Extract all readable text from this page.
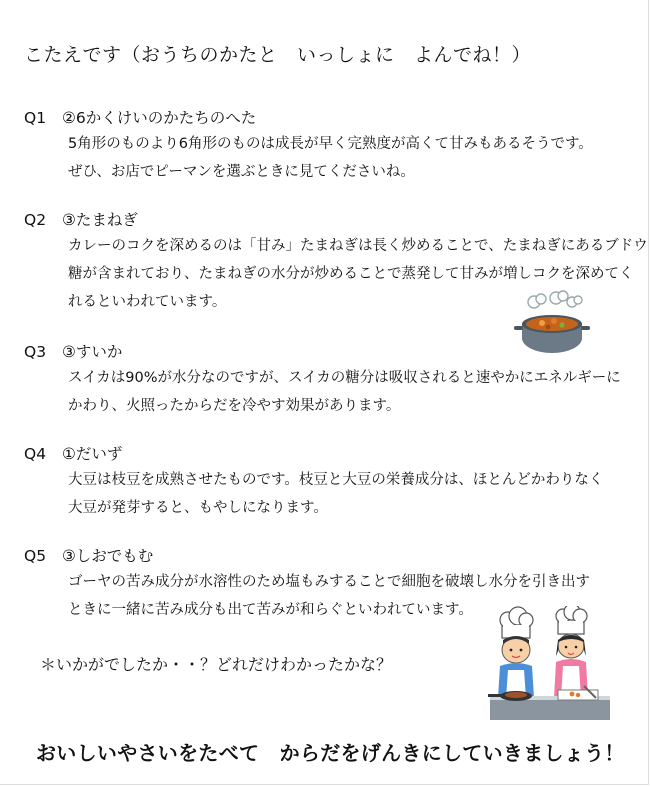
こたえです（おうちのかたと　いっしょに　よんでね！）
Q1 ②6かくけいのかたちのへた
5角形のものより6角形のものは成長が早く完熟度が高くて甘みもあるそうです。
ぜひ、お店でピーマンを選ぶときに見てくださいね。
Q2 ③たまねぎ
カレーのコクを深めるのは「甘み」たまねぎは長く炒めることで、たまねぎにあるブドウ
糖が含まれており、たまねぎの水分が炒めることで蒸発して甘みが増しコクを深めてく
れるといわれています。
Q3 ③すいか
スイカは90%が水分なのですが、スイカの糖分は吸収されると速やかにエネルギーに
かわり、火照ったからだを冷やす効果があります。
Q4 ①だいず
大豆は枝豆を成熟させたものです。枝豆と大豆の栄養成分は、ほとんどかわりなく
大豆が発芽すると、もやしになります。
Q5 ③しおでもむ
ゴーヤの苦み成分が水溶性のため塩もみすることで細胞を破壊し水分を引き出す
ときに一緒に苦み成分も出て苦みが和らぐといわれています。
＊いかがでしたか・・？どれだけわかったかな？
おいしいやさいをたべて　からだをげんきにしていきましょう！
